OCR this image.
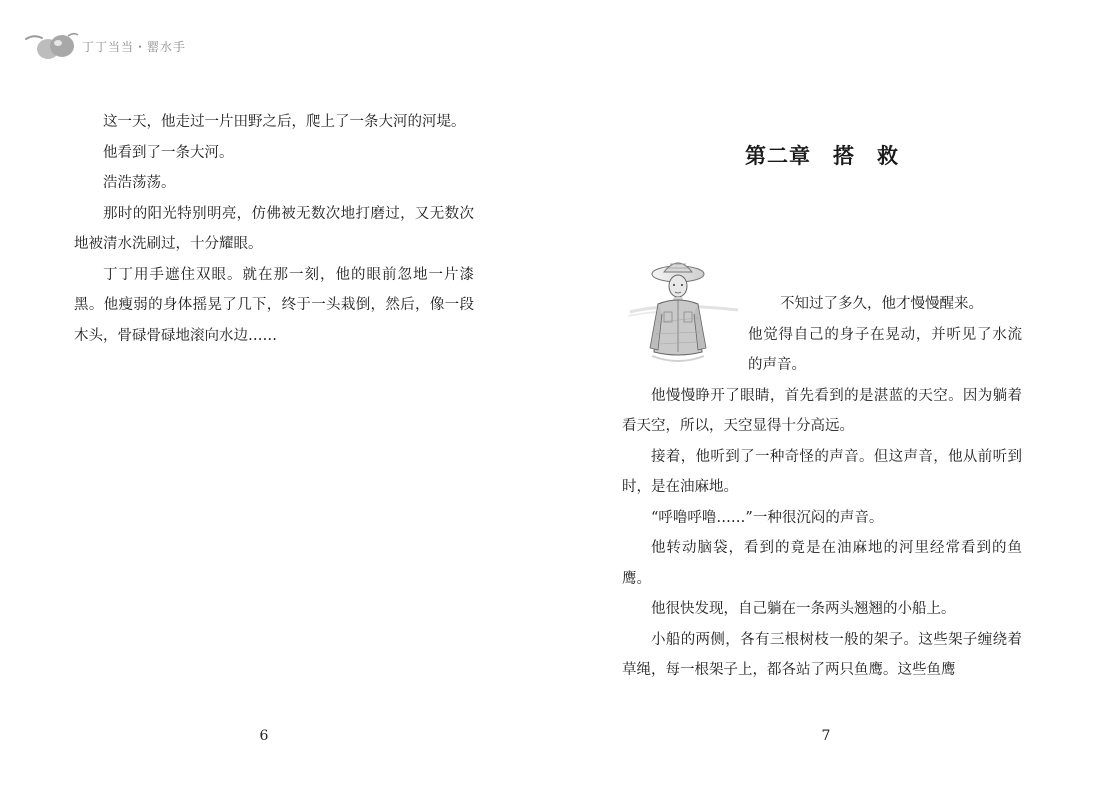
丁丁当当・罂水手

这一天，他走过一片田野之后，爬上了一条大河的河堤。

他看到了一条大河。

浩浩荡荡。

那时的阳光特别明亮，仿佛被无数次地打磨过，又无数次地被清水洗刷过，十分耀眼。

丁丁用手遮住双眼。就在那一刻，他的眼前忽地一片漆黑。他瘦弱的身体摇晃了几下，终于一头栽倒，然后，像一段木头，骨碌骨碌地滚向水边……

6
第二章　搭　救

不知过了多久，他才慢慢醒来。

他觉得自己的身子在晃动，并听见了水流的声音。

他慢慢睁开了眼睛，首先看到的是湛蓝的天空。因为躺着看天空，所以，天空显得十分高远。

接着，他听到了一种奇怪的声音。但这声音，他从前听到时，是在油麻地。

“呼噜呼噜……”一种很沉闷的声音。

他转动脑袋，看到的竟是在油麻地的河里经常看到的鱼鹰。

他很快发现，自己躺在一条两头翘翘的小船上。

小船的两侧，各有三根树枝一般的架子。这些架子缠绕着草绳，每一根架子上，都各站了两只鱼鹰。这些鱼鹰

7
